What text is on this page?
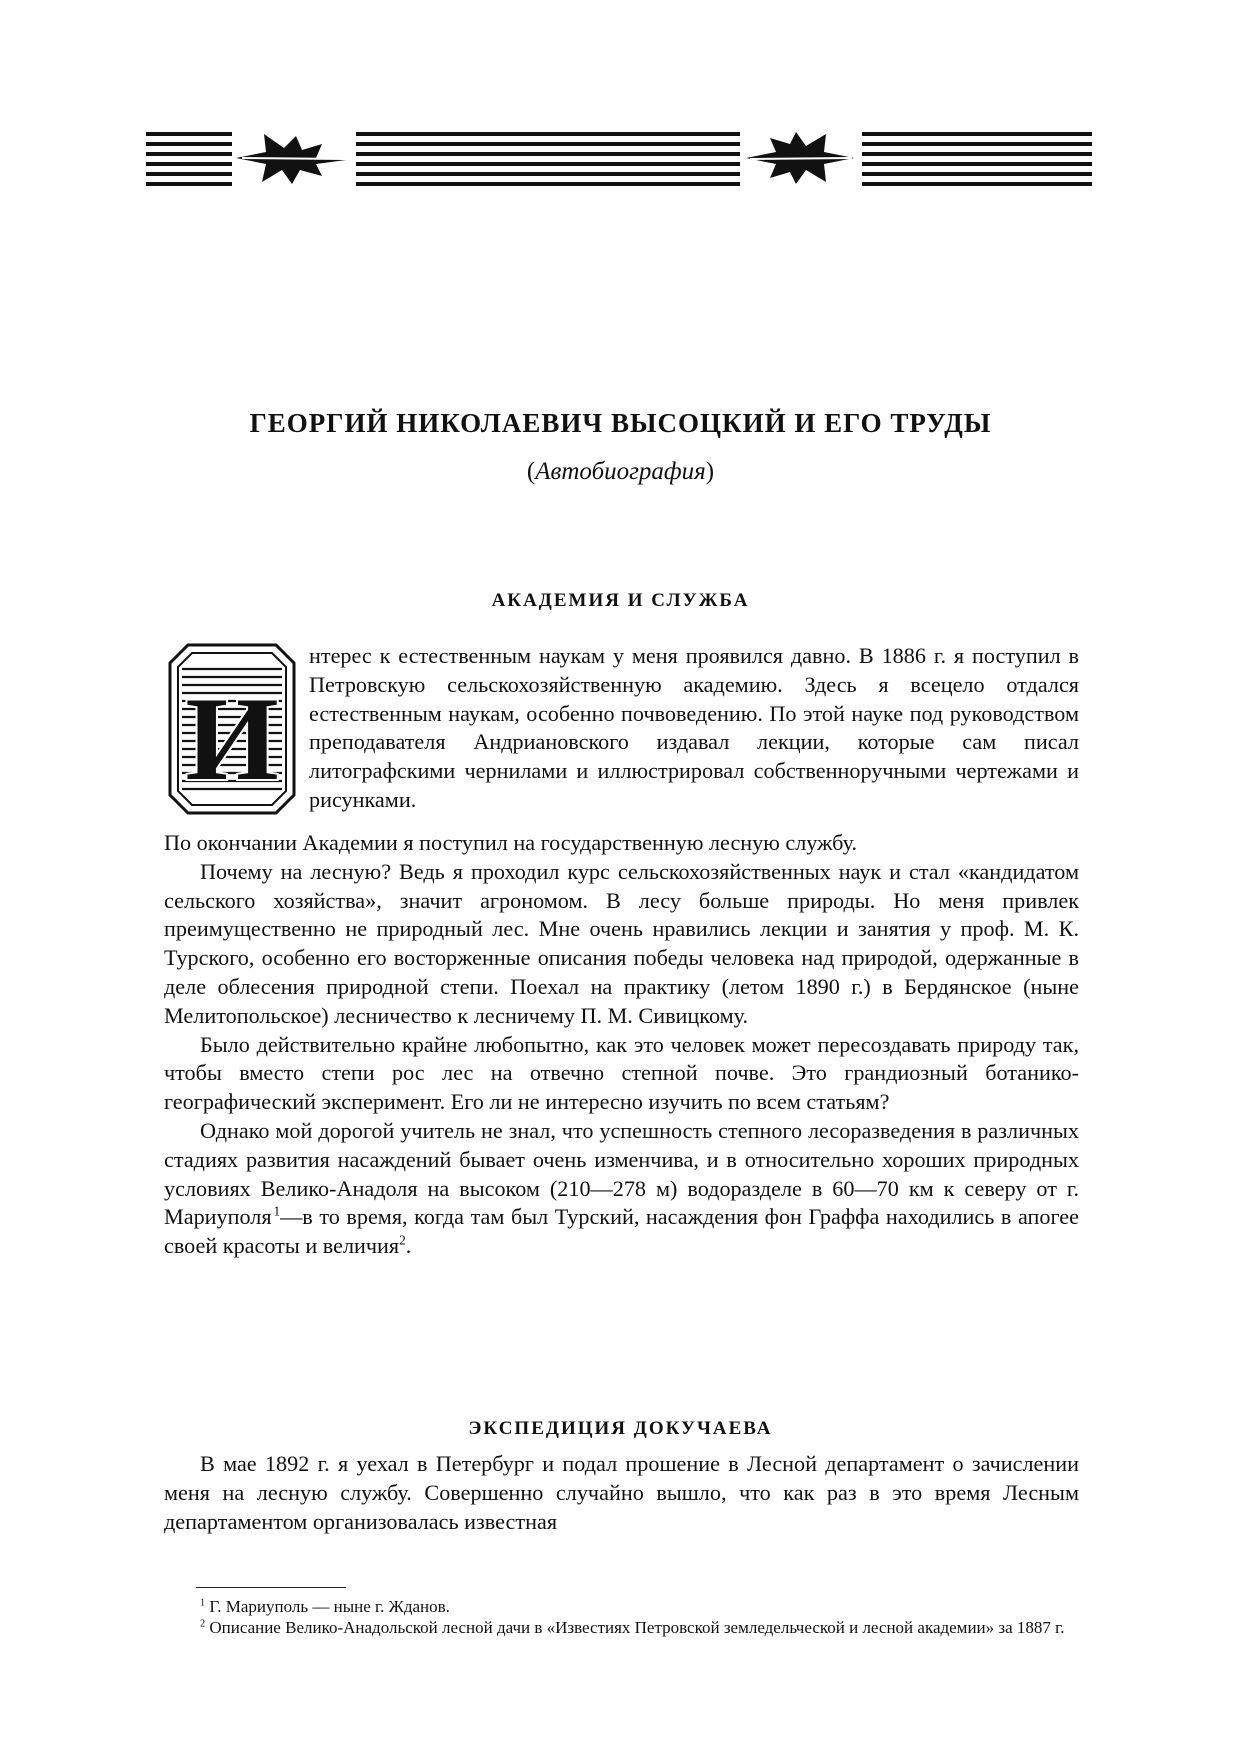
ГЕОРГИЙ НИКОЛАЕВИЧ ВЫСОЦКИЙ И ЕГО ТРУДЫ
(Автобиография)
АКАДЕМИЯ И СЛУЖБА
И

нтерес к естественным наукам у меня проявился давно. В 1886 г. я поступил в Петровскую сельскохозяйственную академию. Здесь я всецело отдался естественным наукам, особенно почвоведению. По этой науке под руководством преподавателя Андриановского издавал лекции, которые сам писал литографскими чернилами и иллюстрировал собственноручными чертежами и рисунками.

По окончании Академии я поступил на государственную лесную службу.

Почему на лесную? Ведь я проходил курс сельскохозяйственных наук и стал «кандидатом сельского хозяйства», значит агрономом. В лесу больше природы. Но меня привлек преимущественно не природный лес. Мне очень нравились лекции и занятия у проф. М. К. Турского, особенно его восторженные описания победы человека над природой, одержанные в деле облесения природной степи. Поехал на практику (летом 1890 г.) в Бердянское (ныне Мелитопольское) лесничество к лесничему П. М. Сивицкому.

Было действительно крайне любопытно, как это человек может пересоздавать природу так, чтобы вместо степи рос лес на отвечно степной почве. Это грандиозный ботанико-географический эксперимент. Его ли не интересно изучить по всем статьям?

Однако мой дорогой учитель не знал, что успешность степного лесоразведения в различных стадиях развития насаждений бывает очень изменчива, и в относительно хороших природных условиях Велико-Анадоля на высоком (210—278 м) водоразделе в 60—70 км к северу от г. Мариуполя  $^1$—в то время, когда там был Турский, насаждения фон Граффа находились в апогее своей красоты и величия$^2$.

ЭКСПЕДИЦИЯ ДОКУЧАЕВА

В мае 1892 г. я уехал в Петербург и подал прошение в Лесной департамент о зачислении меня на лесную службу. Совершенно случайно вышло, что как раз в это время Лесным департаментом организовалась известная

$^1$ Г. Мариуполь — ныне г. Жданов.

$^2$ Описание Велико-Анадольской лесной дачи в «Известиях Петровской земледельческой и лесной академии» за 1887 г.
